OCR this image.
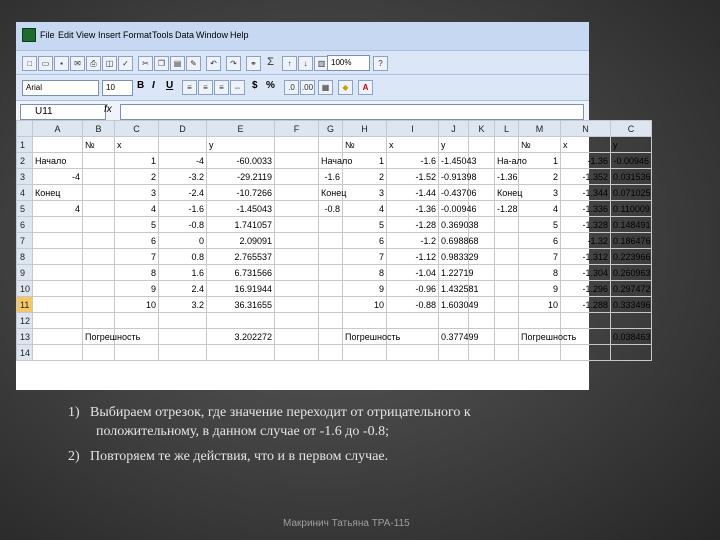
File Edit View Insert Format Tools Data Window Help
□	▭	▪	✉	⎙	◫	✓	✂	❐	▤	✎	↶	↷	⚭ Σ	↑	↓	▥ 100%	?
Arial	10	B I U	≡	≡	≡	⇔	$ %	.0 .00	▦	◆	A
U11	fx
	A	B	C	D	E	F	G	H	I	J	K	L	M	N	C
1		№	x		y			№	x	y			№	x	y
2	Начало		1	-4	-60.0033		Начало	1	-1.6	-1.45043		На-ало	1	-1.36	-0.00946
3	-4		2	-3.2	-29.2119		-1.6	2	-1.52	-0.91398		-1.36	2	-1.352	0.031536
4	Конец		3	-2.4	-10.7266		Конец	3	-1.44	-0.43706		Конец	3	-1.344	0.071025
5	4		4	-1.6	-1.45043		-0.8	4	-1.36	-0.00946		-1.28	4	-1.336	0.110009
6			5	-0.8	1.741057			5	-1.28	0.369038			5	-1.328	0.148491
7			6	0	2.09091			6	-1.2	0.698868			6	-1.32	0.186476
8			7	0.8	2.765537			7	-1.12	0.983329			7	-1.312	0.223966
9			8	1.6	6.731566			8	-1.04	1.22719			8	-1.304	0.260963
10			9	2.4	16.91944			9	-0.96	1.432581			9	-1.296	0.297472
11			10	3.2	36.31655			10	-0.88	1.603049			10	-1.288	0.333496
12															
13		Погрешность			3.202272			Погрешность		0.377499			Погрешность		0.038463
14															
1) Выбираем отрезок, где значение переходит от отрицательного к
положительному, в данном случае от -1.6 до -0.8;
2) Повторяем те же действия, что и в первом случае.
Макринич Татьяна ТРА-115
